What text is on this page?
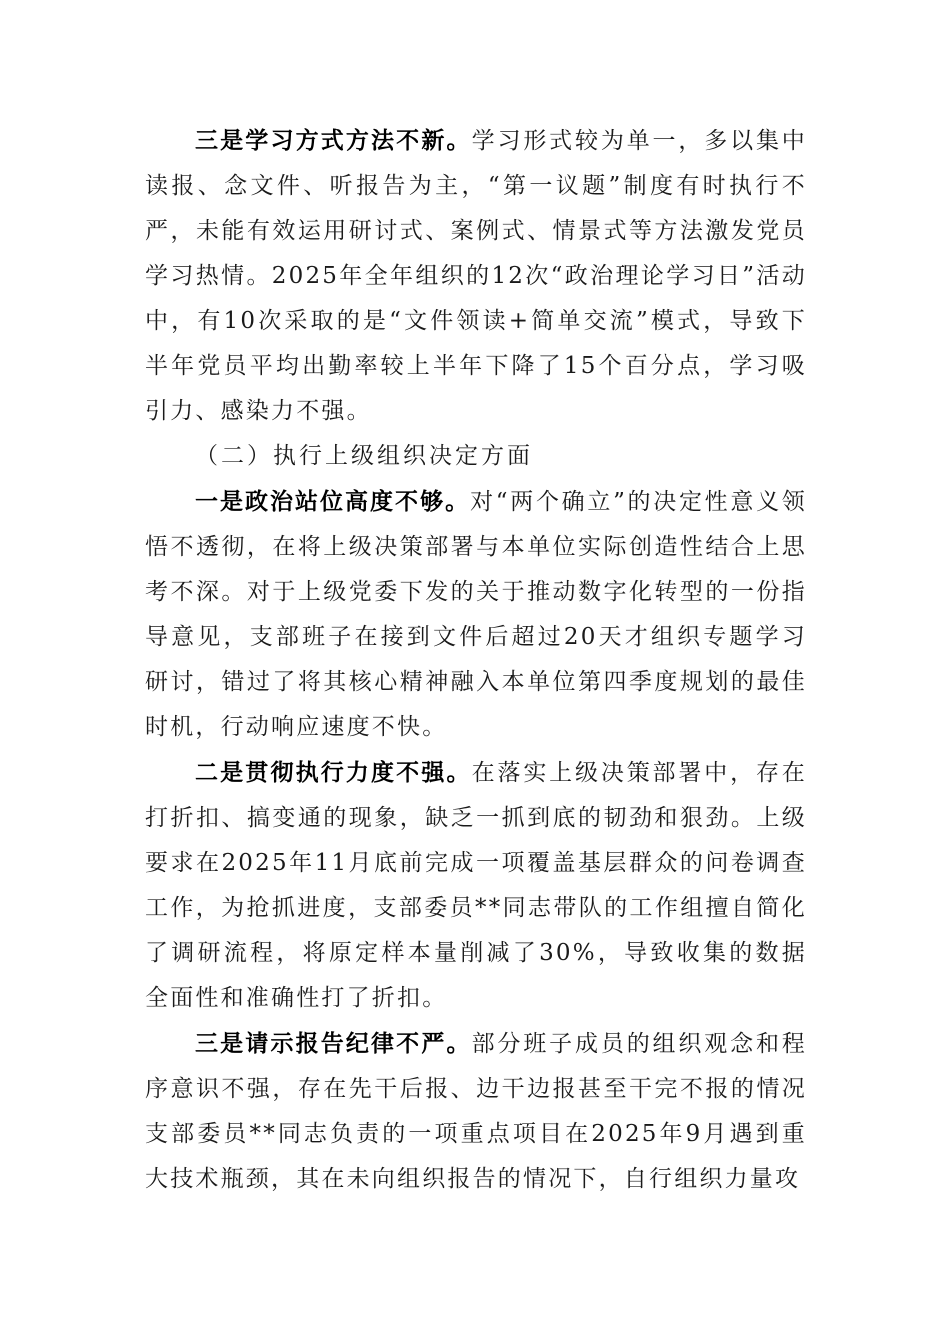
三是学习方式方法不新。学习形式较为单一，多以集中读报、念文件、听报告为主，“第一议题”制度有时执行不严，未能有效运用研讨式、案例式、情景式等方法激发党员学习热情。2025年全年组织的12次“政治理论学习日”活动中，有10次采取的是“文件领读+简单交流”模式，导致下半年党员平均出勤率较上半年下降了15个百分点，学习吸引力、感染力不强。

（二）执行上级组织决定方面

一是政治站位高度不够。对“两个确立”的决定性意义领悟不透彻，在将上级决策部署与本单位实际创造性结合上思考不深。对于上级党委下发的关于推动数字化转型的一份指导意见，支部班子在接到文件后超过20天才组织专题学习研讨，错过了将其核心精神融入本单位第四季度规划的最佳时机，行动响应速度不快。

二是贯彻执行力度不强。在落实上级决策部署中，存在打折扣、搞变通的现象，缺乏一抓到底的韧劲和狠劲。上级要求在2025年11月底前完成一项覆盖基层群众的问卷调查工作，为抢抓进度，支部委员**同志带队的工作组擅自简化了调研流程，将原定样本量削减了30%，导致收集的数据全面性和准确性打了折扣。

三是请示报告纪律不严。部分班子成员的组织观念和程序意识不强，存在先干后报、边干边报甚至干完不报的情况支部委员**同志负责的一项重点项目在2025年9月遇到重大技术瓶颈，其在未向组织报告的情况下，自行组织力量攻
